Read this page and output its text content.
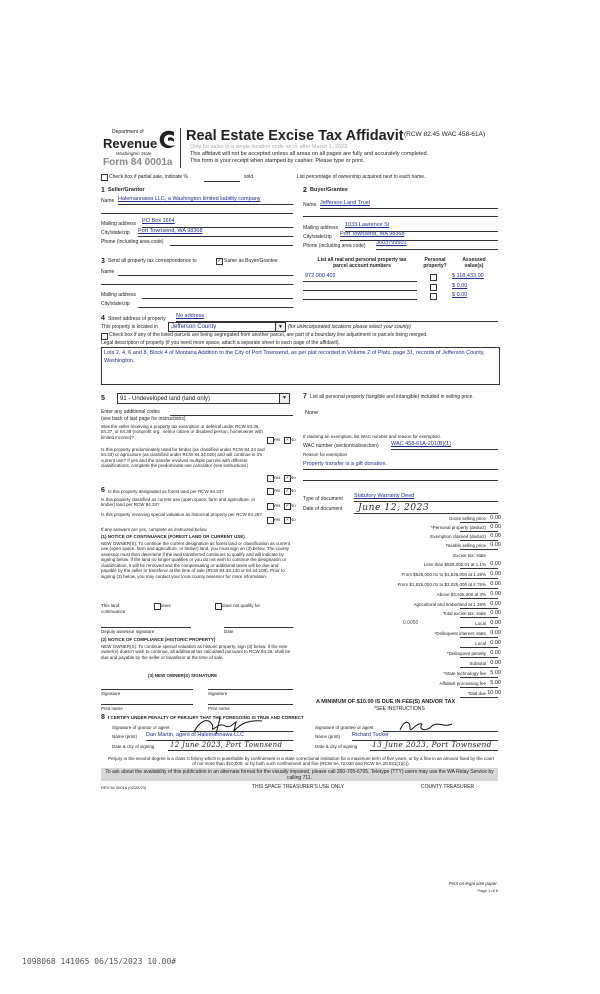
Department of
Revenue
Washington State
Form 84 0001a
Real Estate Excise Tax Affidavit (RCW 82.45 WAC 458-61A)
Only for sales in a single location code on or after March 1, 2023.
This affidavit will not be accepted unless all areas on all pages are fully and accurately completed.
This form is your receipt when stamped by cashier. Please type or print.
Check box if partial sale, indicate %	sold.	List percentage of ownership acquired next to each name.
1 Seller/Grantor
Name Halemannawa LLC, a Washington limited liability company
Mailing address PO Box 1664
City/state/zip Port Townsend, WA 98368
Phone (including area code)
2 Buyer/Grantee
Name Jefferson Land Trust
Mailing address 1033 Lawrence St
City/state/zip Port Townsend, WA 98368
Phone (including area code) 3603799501
3 Send all property tax correspondence to	✓ Same as Buyer/Grantee
Name
Mailing address
City/state/zip
List all real and personal property tax parcel account numbers
Personal property?
Assessed value(s)
972 900 402	$ 118,433.00
$ 0.00
$ 0.00
4 Street address of property No address
This property is located in Jefferson County	▼	(for unincorporated locations please select your county)
Check box if any of the listed parcels are being segregated from another parcel, are part of a boundary line adjustment or parcels being merged.
Legal description of property (if you need more space, attach a separate sheet to each page of the affidavit).
Lots 2, 4, 6 and 8, Block 4 of Montana Addition to the City of Port Townsend, as per plat recorded in Volume 2 of Plats, page 31, records of Jefferson County, Washington.
5	91 - Undeveloped land (land only)	▼
Enter any additional codes
(see back of last page for instructions)
Was the seller receiving a property tax exemption or deferral under RCW 84.36, 84.37, or 84.38 (nonprofit org., senior citizen or disabled person, homeowner with limited income)?	Yes ✓ No
Is this property predominately used for timber (as classified under RCW 84.34 and 84.33) or agriculture (as classified under RCW 84.34.020) and will continue in it's current use? If yes and the transfer involves multiple parcels with different classifications, complete the predominate use calculator (see instructions)
Yes ✓ No
6 Is this property designated as forest land per RCW 84.33?	Yes ✓ No
Is this property classified as current use (open space, farm and agriculture, or timber) land per RCW 84.34?	Yes ✓ No
Is this property receiving special valuation as historical property per RCW 84.26?
Yes ✓ No
If any answers are yes, complete as instructed below.
(1) NOTICE OF CONTINUANCE (FOREST LAND OR CURRENT USE)
NEW OWNER(S): To continue the current designation as forest land or classification as current use (open space, farm and agriculture, or timber) land, you must sign on (3) below. The county assessor must then determine if the land transferred continues to qualify and will indicate by signing below. If the land no longer qualifies or you do not wish to continue the designation or classification, it will be removed and the compensating or additional taxes will be due and payable by the seller or transferor at the time of sale (RCW 84.33.140 or 84.34.108). Prior to signing (3) below, you may contact your local county assessor for more information.
This land:	does	does not qualify for
continuance.
Deputy assessor signature	Date
(2) NOTICE OF COMPLIANCE (HISTORIC PROPERTY)
NEW OWNER(S): To continue special valuation as historic property, sign (3) below. If the new owner(s) doesn't wish to continue, all additional tax calculated pursuant to RCW 84.26, shall be due and payable by the seller or transferor at the time of sale.
(3) NEW OWNER(S) SIGNATURE
Signature	Signature
Print name	Print name
7 List all personal property (tangible and intangible) included in selling price.
None
If claiming an exemption, list WAC number and reason for exemption.
WAC number (section/subsection) WAC 458-61A-201(B)(1)
Reason for exemption
Property transfer is a gift donation.
Type of document Statutory Warranty Deed
Date of document June 12, 2023
Gross selling price 0.00
*Personal property (deduct) 0.00
Exemption claimed (deduct) 0.00
Taxable selling price 0.00
Excise tax: state
Less than $525,000.01 at 1.1% 0.00
From $525,000.01 to $1,525,000 at 1.28% 0.00
From $1,525,000.01 to $3,025,000 at 2.75% 0.00
Above $3,025,000 at 3% 0.00
Agricultural and timberland at 1.28% 0.00
Total excise tax: state 0.00
0.0050	Local 0.00
*Delinquent interest: state 0.00
Local 0.00
*Delinquent penalty 0.00
Subtotal 0.00
*State technology fee 5.00
Affidavit processing fee 5.00
Total due 10.00
A MINIMUM OF $10.00 IS DUE IN FEE(S) AND/OR TAX
*SEE INSTRUCTIONS
8 I CERTIFY UNDER PENALTY OF PERJURY THAT THE FOREGOING IS TRUE AND CORRECT
Signature of grantor or agent
Name (print) Dan Martin, agent of Halemannawa LLC
Date & city of signing 12 June 2023, Port Townsend
Signature of grantee or agent
Name (print) Richard Tucker
Date & city of signing 13 June 2023, Port Townsend
Perjury in the second degree is a class C felony which is punishable by confinement in a state correctional institution for a maximum term of five years, or by a fine in an amount fixed by the court of not more than $10,000, or by both such confinement and fine (RCW 9A.72.030 and RCW 9A.20.021(1)(c)).
To ask about the availability of this publication in an alternate format for the visually impaired, please call 360-705-6705. Teletype (TTY) users may use the WA Relay Service by calling 711.
REV 84 0001a (02/28/23)	THIS SPACE TREASURER'S USE ONLY	COUNTY TREASURER
Print on legal size paper.
Page 1 of 6
1098068 141065 06/15/2023 10.00#
